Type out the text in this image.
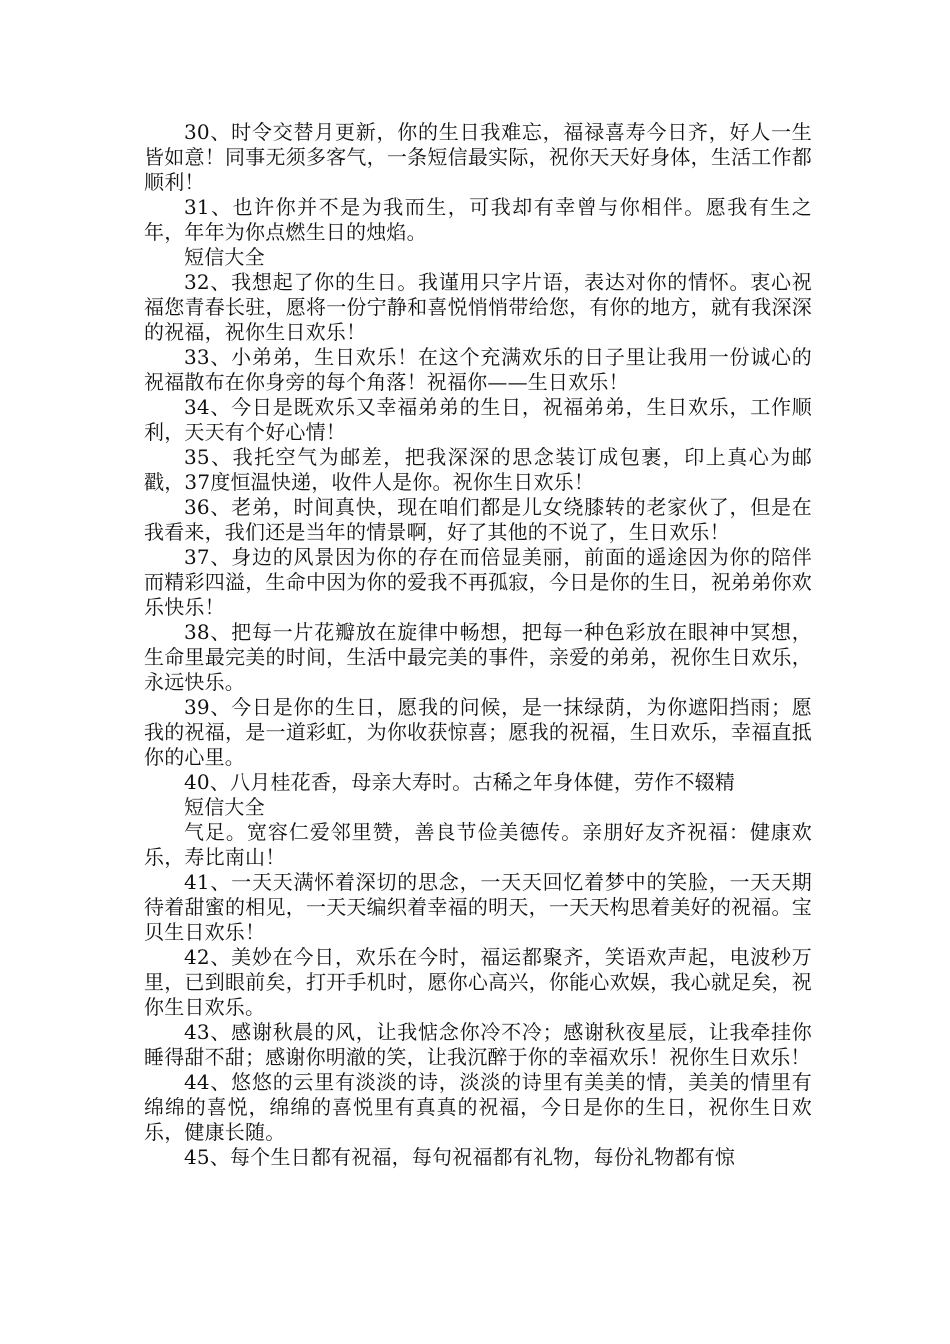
30、时令交替月更新，你的生日我难忘，福禄喜寿今日齐，好人一生皆如意！同事无须多客气，一条短信最实际，祝你天天好身体，生活工作都顺利！

31、也许你并不是为我而生，可我却有幸曾与你相伴。愿我有生之年，年年为你点燃生日的烛焰。

短信大全

32、我想起了你的生日。我谨用只字片语，表达对你的情怀。衷心祝福您青春长驻，愿将一份宁静和喜悦悄悄带给您，有你的地方，就有我深深的祝福，祝你生日欢乐！

33、小弟弟，生日欢乐！在这个充满欢乐的日子里让我用一份诚心的祝福散布在你身旁的每个角落！祝福你——生日欢乐！

34、今日是既欢乐又幸福弟弟的生日，祝福弟弟，生日欢乐，工作顺利，天天有个好心情！

35、我托空气为邮差，把我深深的思念装订成包裹，印上真心为邮戳，37度恒温快递，收件人是你。祝你生日欢乐！

36、老弟，时间真快，现在咱们都是儿女绕膝转的老家伙了，但是在我看来，我们还是当年的情景啊，好了其他的不说了，生日欢乐！

37、身边的风景因为你的存在而倍显美丽，前面的遥途因为你的陪伴而精彩四溢，生命中因为你的爱我不再孤寂，今日是你的生日，祝弟弟你欢乐快乐！

38、把每一片花瓣放在旋律中畅想，把每一种色彩放在眼神中冥想，生命里最完美的时间，生活中最完美的事件，亲爱的弟弟，祝你生日欢乐，永远快乐。

39、今日是你的生日，愿我的问候，是一抹绿荫，为你遮阳挡雨；愿我的祝福，是一道彩虹，为你收获惊喜；愿我的祝福，生日欢乐，幸福直抵你的心里。

40、八月桂花香，母亲大寿时。古稀之年身体健，劳作不辍精

短信大全

气足。宽容仁爱邻里赞，善良节俭美德传。亲朋好友齐祝福：健康欢乐，寿比南山！

41、一天天满怀着深切的思念，一天天回忆着梦中的笑脸，一天天期待着甜蜜的相见，一天天编织着幸福的明天，一天天构思着美好的祝福。宝贝生日欢乐！

42、美妙在今日，欢乐在今时，福运都聚齐，笑语欢声起，电波秒万里，已到眼前矣，打开手机时，愿你心高兴，你能心欢娱，我心就足矣，祝你生日欢乐。

43、感谢秋晨的风，让我惦念你冷不冷；感谢秋夜星辰，让我牵挂你睡得甜不甜；感谢你明澈的笑，让我沉醉于你的幸福欢乐！祝你生日欢乐！

44、悠悠的云里有淡淡的诗，淡淡的诗里有美美的情，美美的情里有绵绵的喜悦，绵绵的喜悦里有真真的祝福，今日是你的生日，祝你生日欢乐，健康长随。

45、每个生日都有祝福，每句祝福都有礼物，每份礼物都有惊
